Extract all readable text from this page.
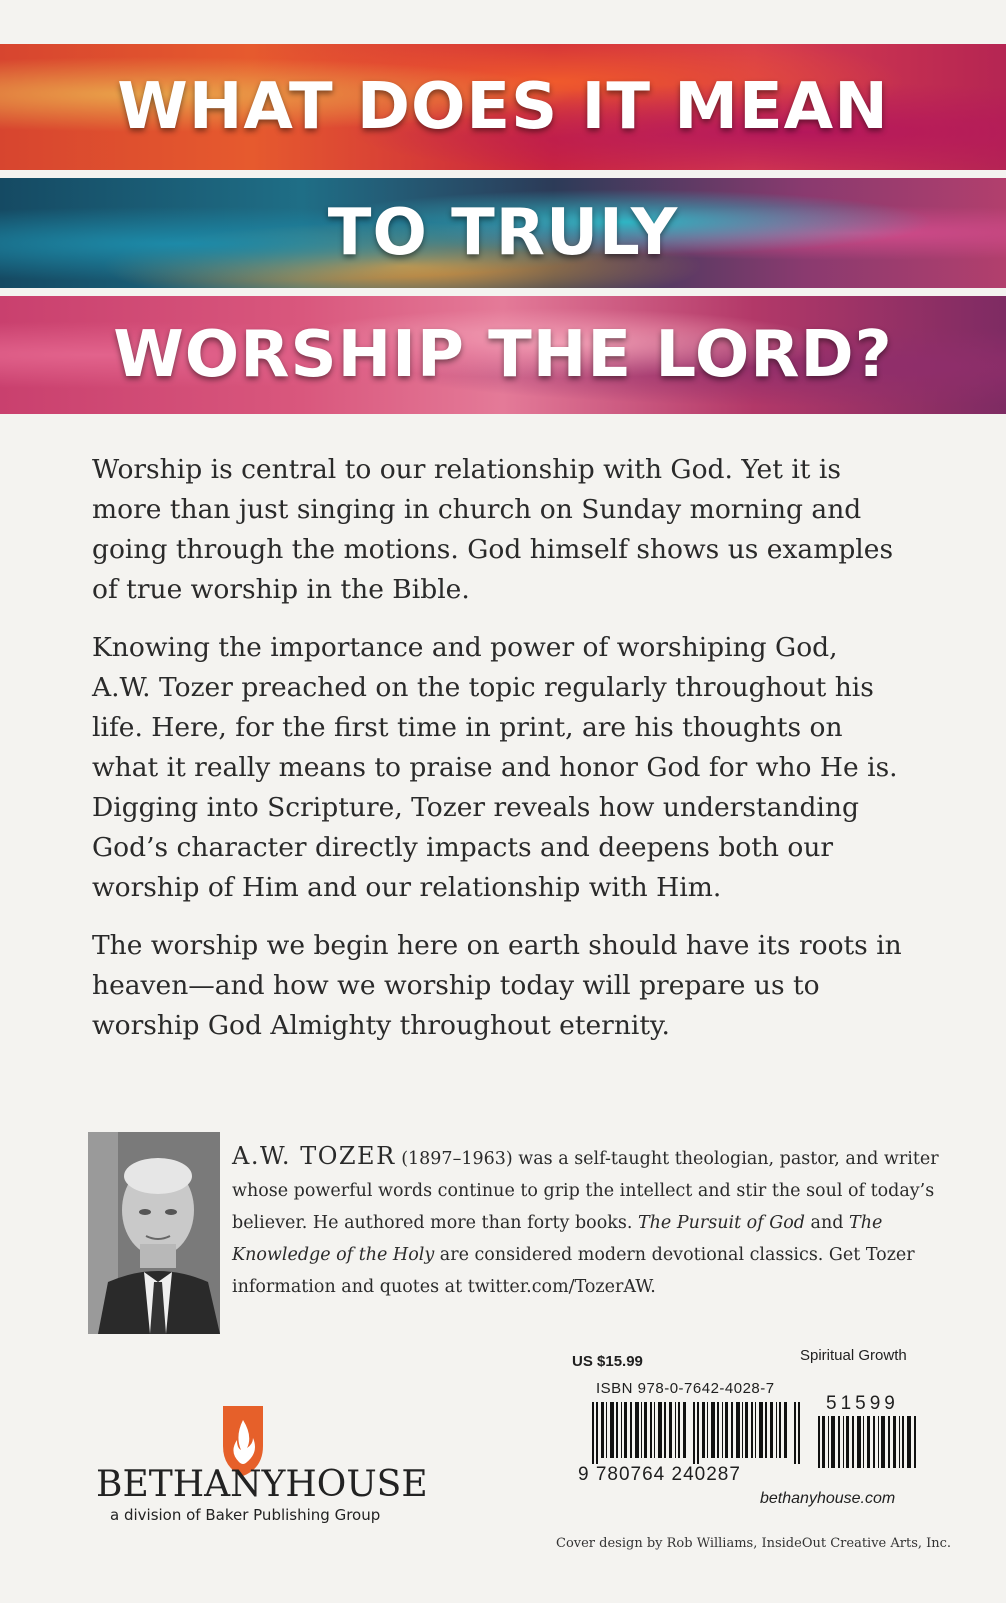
WHAT DOES IT MEAN
TO TRULY
WORSHIP THE LORD?

Worship is central to our relationship with God. Yet it is more than just singing in church on Sunday morning and going through the motions. God himself shows us examples of true worship in the Bible.

Knowing the importance and power of worshiping God, A.W. Tozer preached on the topic regularly throughout his life. Here, for the first time in print, are his thoughts on what it really means to praise and honor God for who He is. Digging into Scripture, Tozer reveals how understanding God’s character directly impacts and deepens both our worship of Him and our relationship with Him.

The worship we begin here on earth should have its roots in heaven—and how we worship today will prepare us to worship God Almighty throughout eternity.

A.W. TOZER (1897–1963) was a self-taught theologian, pastor, and writer whose powerful words continue to grip the intellect and stir the soul of today’s believer. He authored more than forty books. The Pursuit of God and The Knowledge of the Holy are considered modern devotional classics. Get Tozer information and quotes at twitter.com/TozerAW.
BETHANYHOUSE
a division of Baker Publishing Group
US $15.99	Spiritual Growth
ISBN 978-0-7642-4028-7
51599
9 780764 240287
bethanyhouse.com
Cover design by Rob Williams, InsideOut Creative Arts, Inc.
